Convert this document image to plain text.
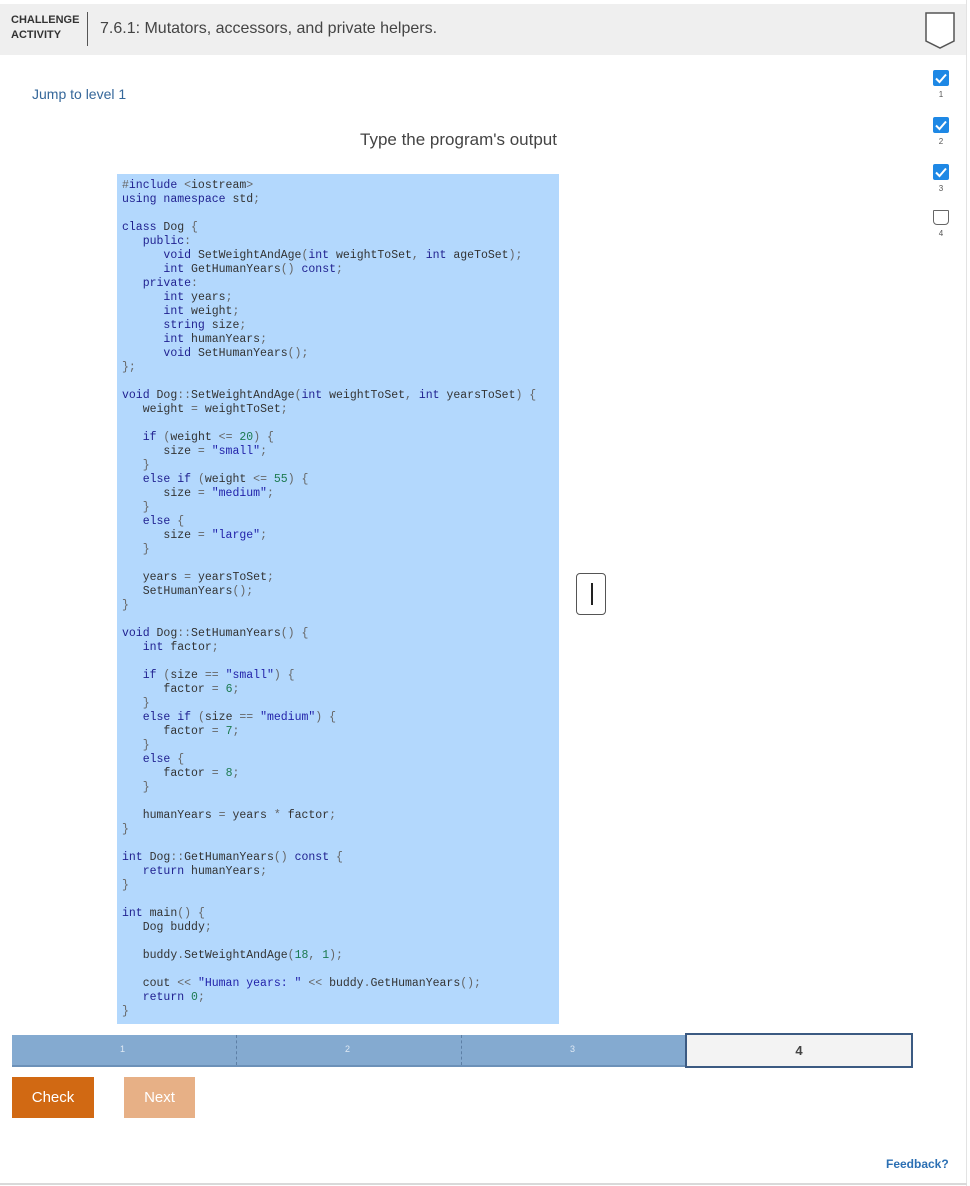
CHALLENGE
ACTIVITY	7.6.1: Mutators, accessors, and private helpers.
1
2
3
4
Jump to level 1
Type the program's output
#include <iostream>
using namespace std;
class Dog {
public:
void SetWeightAndAge(int weightToSet, int ageToSet);
int GetHumanYears() const;
private:
int years;
int weight;
string size;
int humanYears;
void SetHumanYears();
};
void Dog::SetWeightAndAge(int weightToSet, int yearsToSet) {
weight = weightToSet;
if (weight <= 20) {
size = "small";
}
else if (weight <= 55) {
size = "medium";
}
else {
size = "large";
}
years = yearsToSet;
SetHumanYears();
}
void Dog::SetHumanYears() {
int factor;
if (size == "small") {
factor = 6;
}
else if (size == "medium") {
factor = 7;
}
else {
factor = 8;
}
humanYears = years * factor;
}
int Dog::GetHumanYears() const {
return humanYears;
}
int main() {
Dog buddy;
buddy.SetWeightAndAge(18, 1);
cout << "Human years: " << buddy.GetHumanYears();
return 0;
}
1	2	3	4
Check	Next
Feedback?
